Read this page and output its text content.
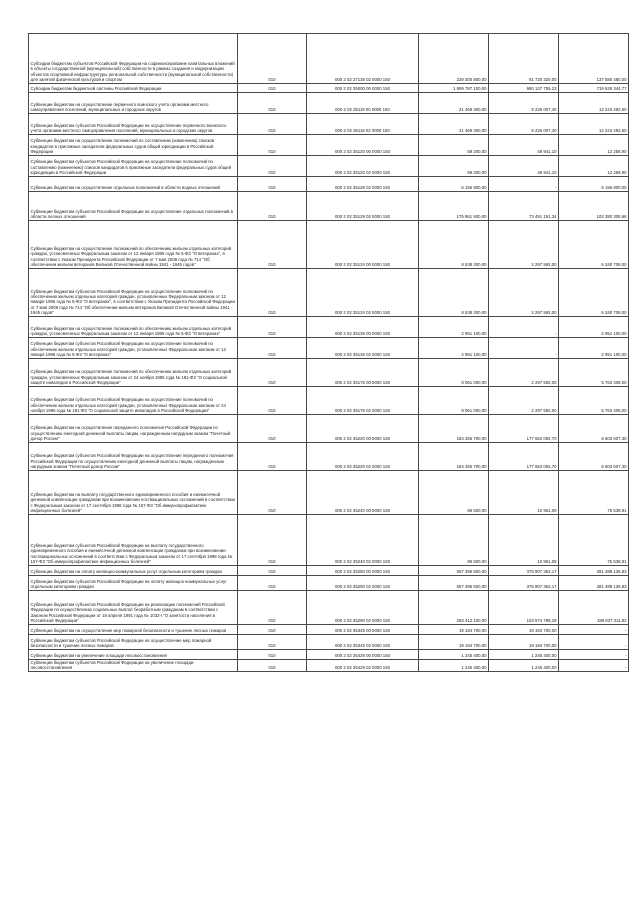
Субсидии бюджетам субъектов Российской Федерации на софинансирование капитальных вложений в объекты государственной (муниципальной) собственности в рамках создания и модернизации объектов спортивной инфраструктуры региональной собственности (муниципальной собственности) для занятий физической культурой и спортом	010	000 2 02 27139 02 0000 150	229 300 800,00	91 720 320,00	137 580 480,00
Субсидии бюджетам бюджетной системы Российской Федерации	010	000 2 02 35000 00 0000 150	1 899 787 100,00	980 137 755,23	719 629 344,77
Субвенции бюджетам на осуществление первичного воинского учета органами местного самоуправления поселений, муниципальных и городских округов	010	000 2 02 35118 00 0000 150	21 469 300,00	9 226 007,40	12 243 292,60
Субвенции бюджетам субъектов Российской Федерации на осуществление первичного воинского учета органами местного самоуправления поселений, муниципальных и городских округов	010	000 2 02 35118 02 0000 150	21 469 300,00	9 226 007,40	12 243 292,60
Субвенции бюджетам на осуществление полномочий по составлению (изменению) списков кандидатов в присяжные заседатели федеральных судов общей юрисдикции в Российской Федерации	010	000 2 02 35120 00 0000 150	59 200,00	46 941,10	12 258,90
Субвенции бюджетам субъектов Российской Федерации на осуществление полномочий по составлению (изменению) списков кандидатов в присяжные заседатели федеральных судов общей юрисдикции в Российской Федерации	010	000 2 02 35120 02 0000 150	59 200,00	46 941,10	12 258,90
Субвенции бюджетам на осуществление отдельных полномочий в области водных отношений	010	000 2 02 35128 02 0000 150	6 156 800,00	-	6 156 800,00
Субвенции бюджетам субъектов Российской Федерации на осуществление отдельных полномочий в области лесных отношений	010	000 2 02 35129 02 0000 150	175 861 500,00	73 491 191,34	102 380 308,66
Субвенции бюджетам на осуществление полномочий по обеспечению жильем отдельных категорий граждан, установленных Федеральным законом от 12 января 1995 года № 5-ФЗ "О ветеранах", в соответствии с Указом Президента Российской Федерации от 7 мая 2008 года № 714 "Об обеспечении жильем ветеранов Великой Отечественной войны 1941 - 1945 годов"	010	000 2 02 35134 00 0000 150	8 638 300,00	2 297 592,00	6 340 708,00
Субвенции бюджетам субъектов Российской Федерации на осуществление полномочий по обеспечению жильем отдельных категорий граждан, установленных Федеральным законом от 12 января 1995 года № 5-ФЗ "О ветеранах", в соответствии с Указом Президента Российской Федерации от 7 мая 2008 года № 714 "Об обеспечении жильем ветеранов Великой Отечественной войны 1941 - 1945 годов"	010	000 2 02 35134 02 0000 150	8 638 300,00	2 297 592,00	6 340 708,00
Субвенции бюджетам на осуществление полномочий по обеспечению жильем отдельных категорий граждан, установленных Федеральным законом от 12 января 1995 года № 5-ФЗ "О ветеранах"	010	000 2 02 35135 00 0000 150	2 951 100,00	-	2 951 100,00
Субвенции бюджетам субъектов Российской Федерации на осуществление полномочий по обеспечению жильем отдельных категорий граждан, установленных Федеральным законом от 12 января 1995 года № 5-ФЗ "О ветеранах"	010	000 2 02 35135 02 0000 150	2 951 100,00	-	2 951 100,00
Субвенции бюджетам на осуществление полномочий по обеспечению жильем отдельных категорий граждан, установленных Федеральным законом от 24 ноября 1995 года № 181-ФЗ "О социальной защите инвалидов в Российской Федерации"	010	000 2 02 35176 00 0000 150	8 061 000,00	2 297 592,00	5 763 408,00
Субвенции бюджетам субъектов Российской Федерации на осуществление полномочий по обеспечению жильем отдельных категорий граждан, установленных Федеральным законом от 24 ноября 1995 года № 181-ФЗ "О социальной защите инвалидов в Российской Федерации"	010	000 2 02 35176 02 0000 150	8 061 000,00	2 297 592,00	5 763 408,00
Субвенции бюджетам на осуществление переданного полномочия Российской Федерации по осуществлению ежегодной денежной выплаты лицам, награжденным нагрудным знаком "Почетный донор России"	010	000 2 02 35220 00 0000 150	184 256 700,00	177 653 092,70	6 603 607,30
Субвенции бюджетам субъектов Российской Федерации на осуществление переданного полномочия Российской Федерации по осуществлению ежегодной денежной выплаты лицам, награжденным нагрудным знаком "Почетный донор России"	010	000 2 02 35220 02 0000 150	184 256 700,00	177 653 092,70	6 603 607,30
Субвенции бюджетам на выплату государственного единовременного пособия и ежемесячной денежной компенсации гражданам при возникновении поствакцинальных осложнений в соответствии с Федеральным законом от 17 сентября 1998 года № 157-ФЗ "Об иммунопрофилактике инфекционных болезней"	010	000 2 02 35240 00 0000 150	86 500,00	10 961,09	75 538,91
Субвенции бюджетам субъектов Российской Федерации на выплату государственного единовременного пособия и ежемесячной денежной компенсации гражданам при возникновении поствакцинальных осложнений в соответствии с Федеральным законом от 17 сентября 1998 года № 157-ФЗ "Об иммунопрофилактике инфекционных болезней"	010	000 2 02 35240 02 0000 150	86 500,00	10 961,09	75 538,91
Субвенции бюджетам на оплату жилищно-коммунальных услуг отдельным категориям граждан	010	000 2 02 35250 00 0000 150	657 396 500,00	375 907 363,17	281 489 136,83
Субвенции бюджетам субъектов Российской Федерации на оплату жилищно-коммунальных услуг отдельным категориям граждан	010	000 2 02 35250 02 0000 150	657 396 500,00	375 907 363,17	281 489 136,83
Субвенции бюджетам субъектов Российской Федерации на реализацию полномочий Российской Федерации по осуществлению социальных выплат безработным гражданам в соответствии с Законом Российской Федерации от 19 апреля 1991 года № 1032-I "О занятости населения в Российской Федерации"	010	000 2 02 35290 02 0000 150	293 412 100,00	103 574 788,18	189 837 311,82
Субвенции бюджетам на осуществление мер пожарной безопасности и тушение лесных пожаров	010	000 2 02 35345 00 0000 150	19 194 700,00	19 194 700,00	-
Субвенции бюджетам субъектов Российской Федерации на осуществление мер пожарной безопасности и тушение лесных пожаров	010	000 2 02 35345 02 0000 150	19 194 700,00	19 194 700,00	-
Субвенции бюджетам на увеличение площади лесовосстановления	010	000 2 02 35429 00 0000 150	1 245 400,00	1 245 400,00	-
Субвенции бюджетам субъектов Российской Федерации на увеличение площади лесовосстановления	010	000 2 02 35429 02 0000 150	1 245 400,00	1 245 400,00	-
